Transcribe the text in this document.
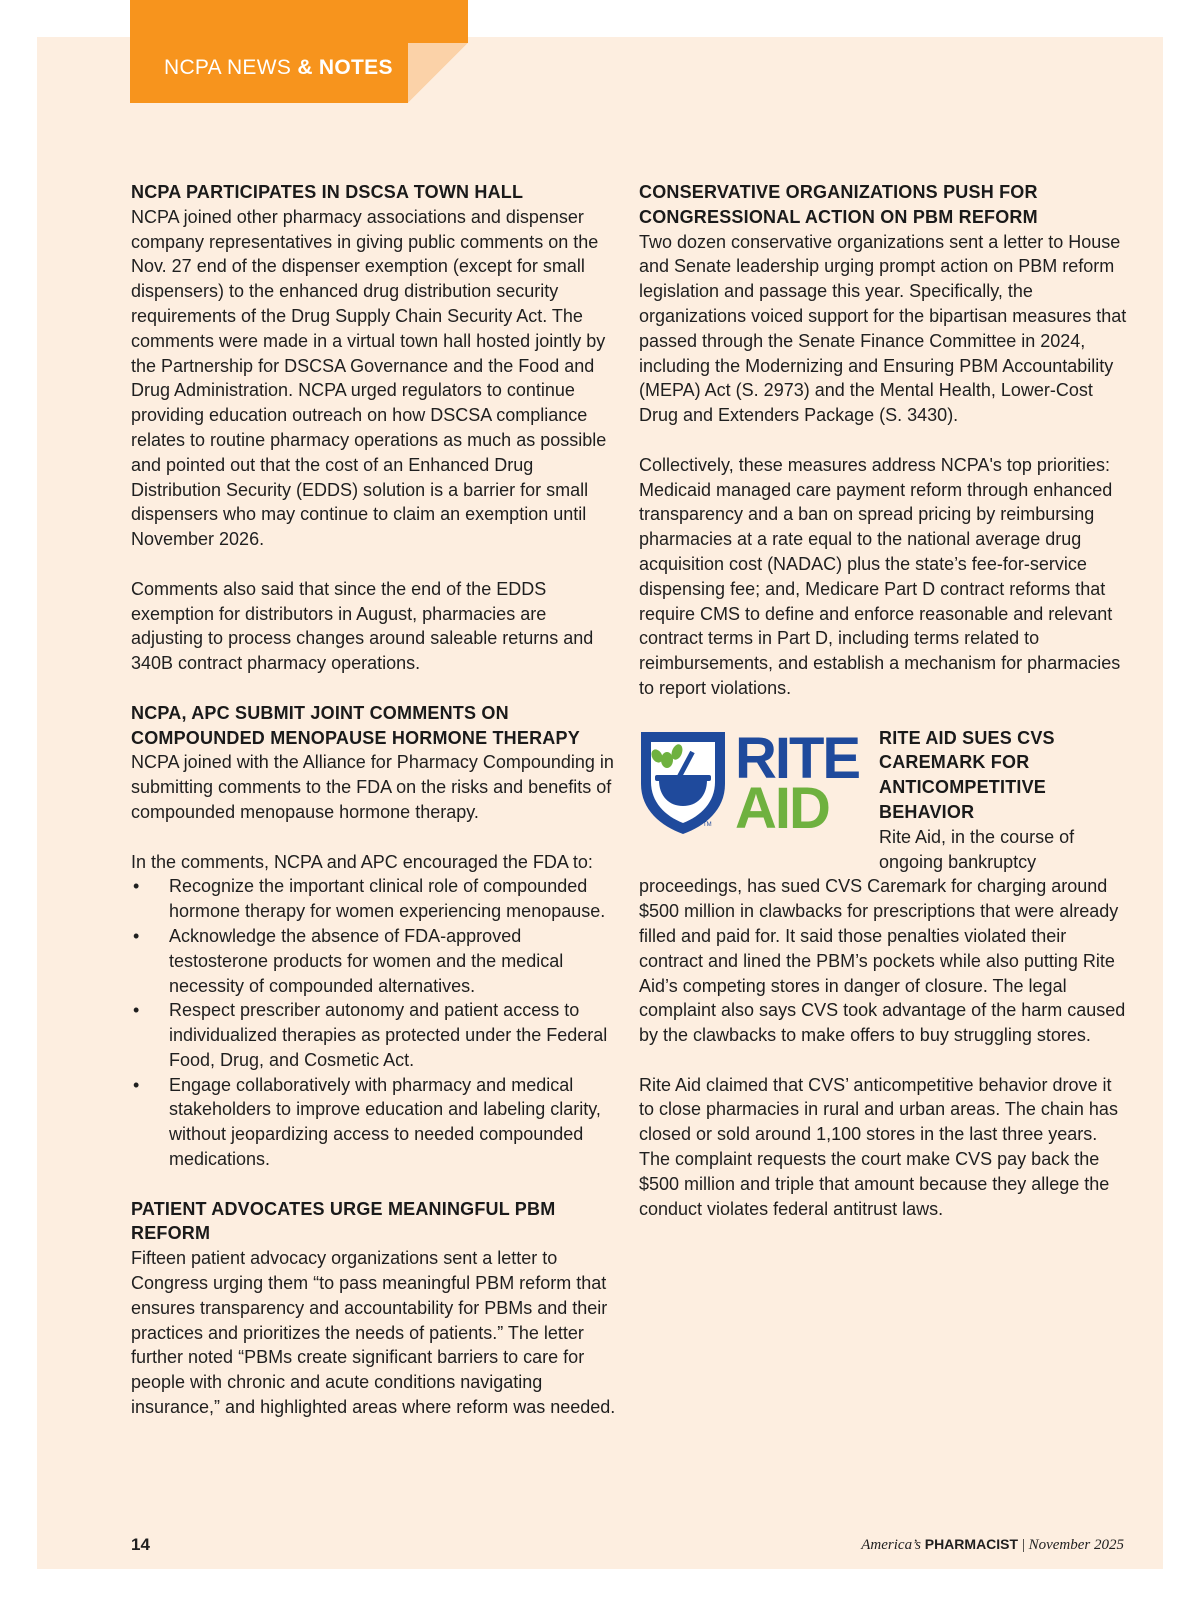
NCPA NEWS & NOTES
NCPA PARTICIPATES IN DSCSA TOWN HALL

NCPA joined other pharmacy associations and dispenser company representatives in giving public comments on the Nov. 27 end of the dispenser exemption (except for small dispensers) to the enhanced drug distribution security requirements of the Drug Supply Chain Security Act. The comments were made in a virtual town hall hosted jointly by the Partnership for DSCSA Governance and the Food and Drug Administration. NCPA urged regulators to continue providing education outreach on how DSCSA compliance relates to routine pharmacy operations as much as possible and pointed out that the cost of an Enhanced Drug Distribution Security (EDDS) solution is a barrier for small dispensers who may continue to claim an exemption until November 2026.

Comments also said that since the end of the EDDS exemption for distributors in August, pharmacies are adjusting to process changes around saleable returns and 340B contract pharmacy operations.

NCPA, APC SUBMIT JOINT COMMENTS ON COMPOUNDED MENOPAUSE HORMONE THERAPY

NCPA joined with the Alliance for Pharmacy Compounding in submitting comments to the FDA on the risks and benefits of compounded menopause hormone therapy.

In the comments, NCPA and APC encouraged the FDA to:

• Recognize the important clinical role of compounded hormone therapy for women experiencing menopause.
• Acknowledge the absence of FDA-approved testosterone products for women and the medical necessity of compounded alternatives.
• Respect prescriber autonomy and patient access to individualized therapies as protected under the Federal Food, Drug, and Cosmetic Act.
• Engage collaboratively with pharmacy and medical stakeholders to improve education and labeling clarity, without jeopardizing access to needed compounded medications.
PATIENT ADVOCATES URGE MEANINGFUL PBM REFORM

Fifteen patient advocacy organizations sent a letter to Congress urging them “to pass meaningful PBM reform that ensures transparency and accountability for PBMs and their practices and prioritizes the needs of patients.” The letter further noted “PBMs create significant barriers to care for people with chronic and acute conditions navigating insurance,” and highlighted areas where reform was needed.

CONSERVATIVE ORGANIZATIONS PUSH FOR CONGRESSIONAL ACTION ON PBM REFORM

Two dozen conservative organizations sent a letter to House and Senate leadership urging prompt action on PBM reform legislation and passage this year. Specifically, the organizations voiced support for the bipartisan measures that passed through the Senate Finance Committee in 2024, including the Modernizing and Ensuring PBM Accountability (MEPA) Act (S. 2973) and the Mental Health, Lower-Cost Drug and Extenders Package (S. 3430).

Collectively, these measures address NCPA's top priorities: Medicaid managed care payment reform through enhanced transparency and a ban on spread pricing by reimbursing pharmacies at a rate equal to the national average drug acquisition cost (NADAC) plus the state’s fee-for-service dispensing fee; and, Medicare Part D contract reforms that require CMS to define and enforce reasonable and relevant contract terms in Part D, including terms related to reimbursements, and establish a mechanism for pharmacies to report violations.

TM
RITE
AID
RITE AID SUES CVS CAREMARK FOR ANTICOMPETITIVE BEHAVIOR

Rite Aid, in the course of ongoing bankruptcy proceedings, has sued CVS Caremark for charging around $500 million in clawbacks for prescriptions that were already filled and paid for. It said those penalties violated their contract and lined the PBM’s pockets while also putting Rite Aid’s competing stores in danger of closure. The legal complaint also says CVS took advantage of the harm caused by the clawbacks to make offers to buy struggling stores.

Rite Aid claimed that CVS’ anticompetitive behavior drove it to close pharmacies in rural and urban areas. The chain has closed or sold around 1,100 stores in the last three years. The complaint requests the court make CVS pay back the $500 million and triple that amount because they allege the conduct violates federal antitrust laws.

14	America’s PHARMACIST | November 2025
